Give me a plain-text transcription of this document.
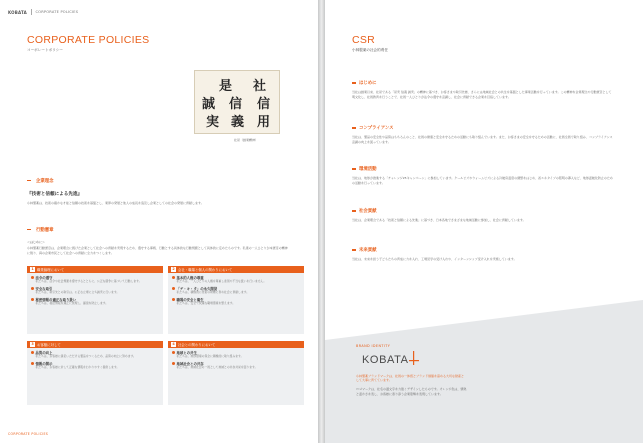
KOBATA CORPORATE POLICIES
CORPORATE POLICIES
コーポレートポリシー
是 社
誠 信 信
実 義 用
社是（創業精神）
企業理念
『技術と信頼による先進』
小林製薬は、技術の確かな才能と信頼の技術を基盤とし、業界の発展と他人の成長を追及し企業としての社会の発展に貢献します。
行動憲章
＜はじめに＞
小林製薬行動憲章は、企業理念に掲げた企業として社会への貢献を実現するため、遵守する事柄、行動とする具体的な行動規範として具体的に定めたものです。私達の一人ひとりが本憲章の精神に則り、真の企業市民として社会への貢献に全力をつくします。
1 職業倫理において
法令の遵守
私たちは、法令や社会規範を遵守するとともに、公正な競争に基づいて行動します。
安全な取引
私たちは、取引先との取引は、公正な立場に立ち誠実に行います。
秘密情報の適正な取り扱い
私たちは、秘密情報を適正に管理し、漏洩を防止します。
2 会社・職場と個人の関わりにおいて
基本的人権の尊重
私たちは、一人ひとりの人権を尊重し差別や不当な扱いを行いません。
「ゲ・キ・タ」の永久開発
私たちは、積極的に技術の研鑽に努め社会に貢献します。
職場の安全と衛生
私たちは、安全で快適な職場環境を整えます。
3 お客様に対して
品質の向上
私たちは、お客様に満足いただける製品をつくるため、品質の向上に努めます。
情報の開示
私たちは、お客様に対して正確な情報をわかりやすく提供します。
4 社会との関わりにおいて
地球との共生
私たちは、地球環境の保全に積極的に取り組みます。
地域社会との共存
私たちは、地域社会の一員として地域との共存共栄を図ります。
CORPORATE POLICIES
CSR
小林製薬の社会的責任
はじめに
当社は創業以来、社是である「是実 信義 誠実」の精神に基づき、お客さまや取引先様、さらには地域社会との共生を基盤とした事業活動を行っています。この精神を企業理念や行動憲章として明文化し、社員教育を行うことで、社員一人ひとりが法令の遵守を意識し、社会に貢献できる企業を目指しています。
コンプライアンス
当社は、製品の安全性や品質はもちろんのこと、社員の健康と安全を守るための活動にも取り組んでいます。また、お客さまの安全を守るための活動に、社員全員で取り組み、コンプライアンス意識の向上を図っています。
環境活動
当社は、地球が推進する「チャレンジ25キャンペーン」に参加しています。クールビズやウォームビズによる冷暖房温度の調整をはじめ、省エネタイプの照明の導入など、地球温暖化防止のための活動を行っています。
社会貢献
当社は、企業理念である「技術と信頼による先進」に基づき、日本各地でさまざまな地域活動に参加し、社会に貢献しています。
未来貢献
当社は、未来を担う子どもたちの育成に力を入れ、工場見学の受け入れや、インターンシップ受け入れを実施しています。
BRAND IDENTITY
KOBATA
小林製薬ブランドマークは、社員の一体感とブランド価値を高める大切な財産として大事に育てています。
ロゴマークは、社名の頭文字を力強くデザインしたものです。オレンジ色は、情熱と温かさを表し、お客様に寄り添う企業姿勢を表現しています。
